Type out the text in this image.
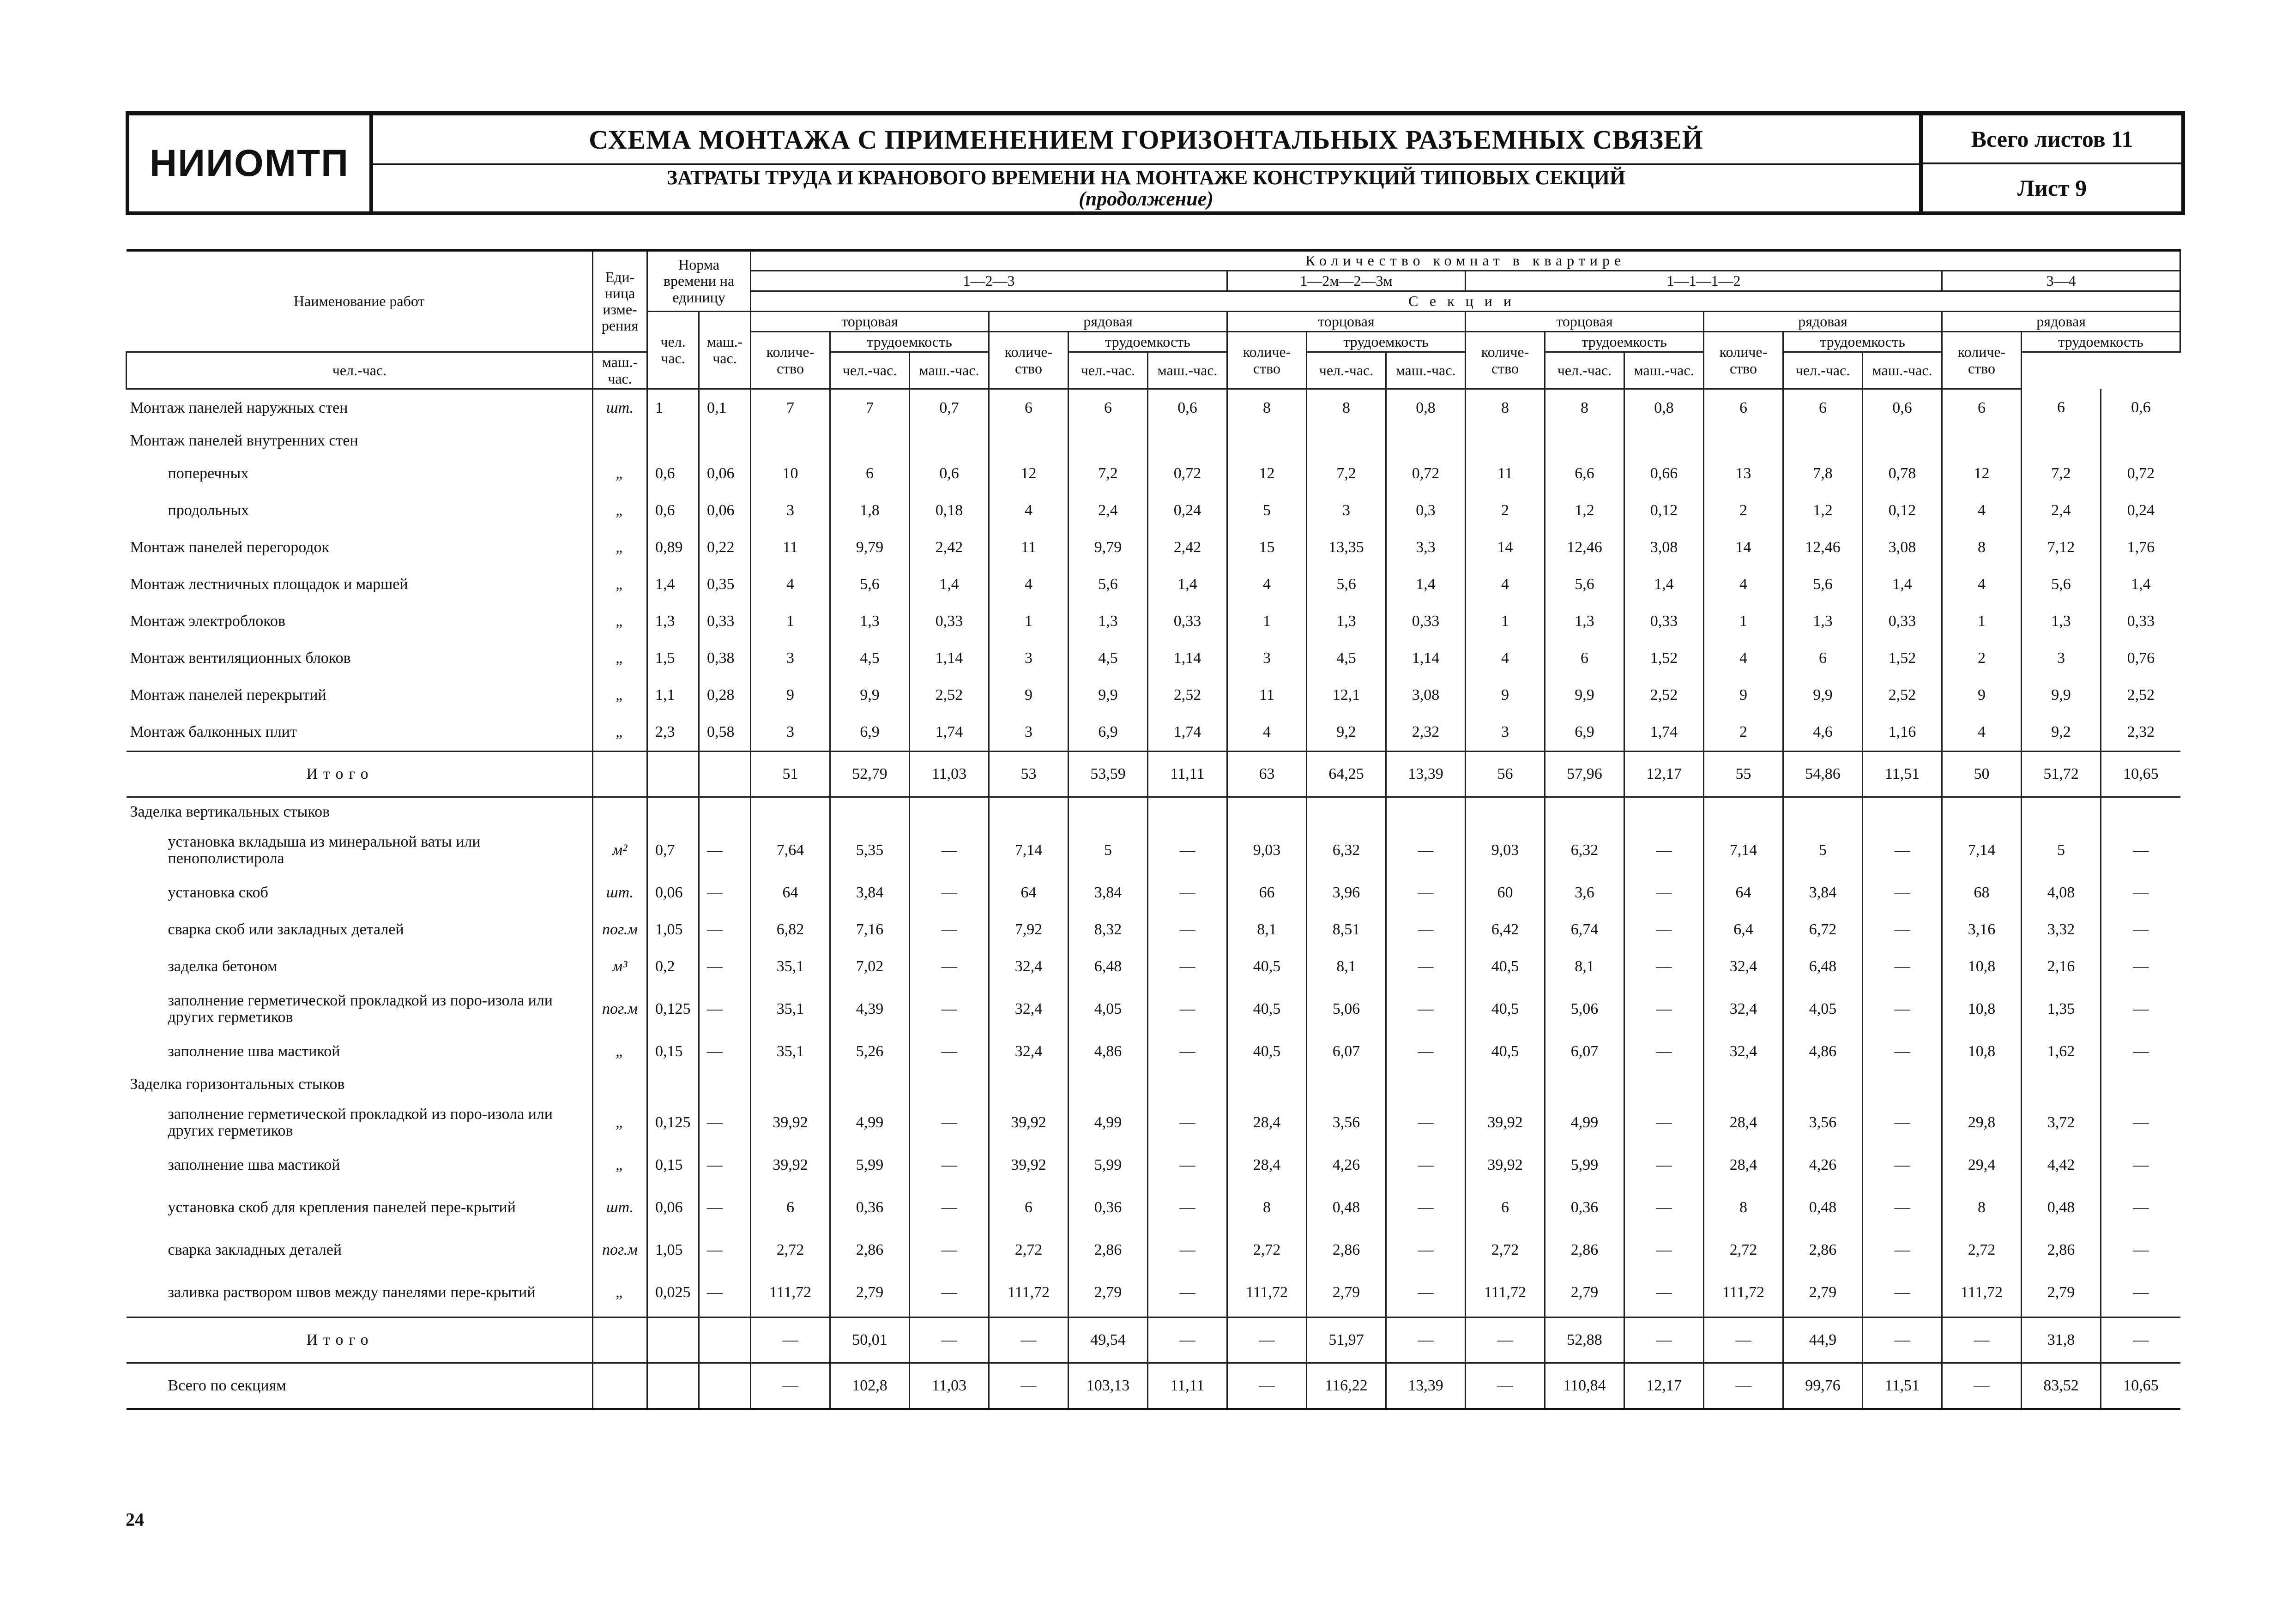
НИИОМТП
СХЕМА МОНТАЖА С ПРИМЕНЕНИЕМ ГОРИЗОНТАЛЬНЫХ РАЗЪЕМНЫХ СВЯЗЕЙ
ЗАТРАТЫ ТРУДА И КРАНОВОГО ВРЕМЕНИ НА МОНТАЖЕ КОНСТРУКЦИЙ ТИПОВЫХ СЕКЦИЙ
(продолжение)
Всего листов 11
Лист 9
Наименование работ	Еди-ница изме-рения	Норма времени на единицу		Количество комнат в квартире																	
				1—2—3						1—2м—2—3м			1—1—1—2						3—4		
				Секции																	
		чел. час.	маш.-час.	торцовая			рядовая			торцовая			торцовая			рядовая			рядовая		
				количе-ство	трудоемкость		количе-ство	трудоемкость		количе-ство	трудоемкость		количе-ство	трудоемкость		количе-ство	трудоемкость		количе-ство	трудоемкость	
чел.-час.	маш.-час.				чел.-час.	маш.-час.		чел.-час.	маш.-час.		чел.-час.	маш.-час.		чел.-час.	маш.-час.		чел.-час.	маш.-час.			
Монтаж панелей наружных стен	шт.	1	0,1	7	7	0,7	6	6	0,6	8	8	0,8	8	8	0,8	6	6	0,6	6	6	0,6
Монтаж панелей внутренних стен																					
поперечных	„	0,6	0,06	10	6	0,6	12	7,2	0,72	12	7,2	0,72	11	6,6	0,66	13	7,8	0,78	12	7,2	0,72
продольных	„	0,6	0,06	3	1,8	0,18	4	2,4	0,24	5	3	0,3	2	1,2	0,12	2	1,2	0,12	4	2,4	0,24
Монтаж панелей перегородок	„	0,89	0,22	11	9,79	2,42	11	9,79	2,42	15	13,35	3,3	14	12,46	3,08	14	12,46	3,08	8	7,12	1,76
Монтаж лестничных площадок и маршей	„	1,4	0,35	4	5,6	1,4	4	5,6	1,4	4	5,6	1,4	4	5,6	1,4	4	5,6	1,4	4	5,6	1,4
Монтаж электроблоков	„	1,3	0,33	1	1,3	0,33	1	1,3	0,33	1	1,3	0,33	1	1,3	0,33	1	1,3	0,33	1	1,3	0,33
Монтаж вентиляционных блоков	„	1,5	0,38	3	4,5	1,14	3	4,5	1,14	3	4,5	1,14	4	6	1,52	4	6	1,52	2	3	0,76
Монтаж панелей перекрытий	„	1,1	0,28	9	9,9	2,52	9	9,9	2,52	11	12,1	3,08	9	9,9	2,52	9	9,9	2,52	9	9,9	2,52
Монтаж балконных плит	„	2,3	0,58	3	6,9	1,74	3	6,9	1,74	4	9,2	2,32	3	6,9	1,74	2	4,6	1,16	4	9,2	2,32
Итого				51	52,79	11,03	53	53,59	11,11	63	64,25	13,39	56	57,96	12,17	55	54,86	11,51	50	51,72	10,65
Заделка вертикальных стыков																					
установка вкладыша из минеральной ваты или пенополистирола	м²	0,7	—	7,64	5,35	—	7,14	5	—	9,03	6,32	—	9,03	6,32	—	7,14	5	—	7,14	5	—
установка скоб	шт.	0,06	—	64	3,84	—	64	3,84	—	66	3,96	—	60	3,6	—	64	3,84	—	68	4,08	—
сварка скоб или закладных деталей	пог.м	1,05	—	6,82	7,16	—	7,92	8,32	—	8,1	8,51	—	6,42	6,74	—	6,4	6,72	—	3,16	3,32	—
заделка бетоном	м³	0,2	—	35,1	7,02	—	32,4	6,48	—	40,5	8,1	—	40,5	8,1	—	32,4	6,48	—	10,8	2,16	—
заполнение герметической прокладкой из поро-изола или других герметиков	пог.м	0,125	—	35,1	4,39	—	32,4	4,05	—	40,5	5,06	—	40,5	5,06	—	32,4	4,05	—	10,8	1,35	—
заполнение шва мастикой	„	0,15	—	35,1	5,26	—	32,4	4,86	—	40,5	6,07	—	40,5	6,07	—	32,4	4,86	—	10,8	1,62	—
Заделка горизонтальных стыков																					
заполнение герметической прокладкой из поро-изола или других герметиков	„	0,125	—	39,92	4,99	—	39,92	4,99	—	28,4	3,56	—	39,92	4,99	—	28,4	3,56	—	29,8	3,72	—
заполнение шва мастикой	„	0,15	—	39,92	5,99	—	39,92	5,99	—	28,4	4,26	—	39,92	5,99	—	28,4	4,26	—	29,4	4,42	—
установка скоб для крепления панелей пере-крытий	шт.	0,06	—	6	0,36	—	6	0,36	—	8	0,48	—	6	0,36	—	8	0,48	—	8	0,48	—
сварка закладных деталей	пог.м	1,05	—	2,72	2,86	—	2,72	2,86	—	2,72	2,86	—	2,72	2,86	—	2,72	2,86	—	2,72	2,86	—
заливка раствором швов между панелями пере-крытий	„	0,025	—	111,72	2,79	—	111,72	2,79	—	111,72	2,79	—	111,72	2,79	—	111,72	2,79	—	111,72	2,79	—
Итого				—	50,01	—	—	49,54	—	—	51,97	—	—	52,88	—	—	44,9	—	—	31,8	—
Всего по секциям				—	102,8	11,03	—	103,13	11,11	—	116,22	13,39	—	110,84	12,17	—	99,76	11,51	—	83,52	10,65
24
